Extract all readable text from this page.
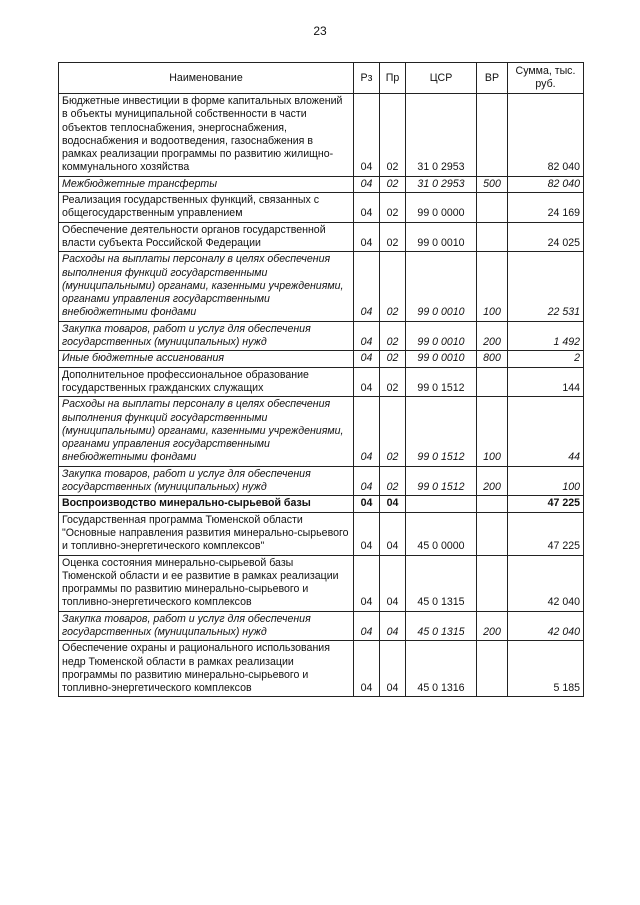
23
Наименование	Рз	Пр	ЦСР	ВР	Сумма, тыс. руб.
Бюджетные инвестиции в форме капитальных вложений в объекты муниципальной собственности в части объектов теплоснабжения, энергоснабжения, водоснабжения и водоотведения, газоснабжения в рамках реализации программы по развитию жилищно-коммунального хозяйства	04	02	31 0 2953		82 040
Межбюджетные трансферты	04	02	31 0 2953	500	82 040
Реализация государственных функций, связанных с общегосударственным управлением	04	02	99 0 0000		24 169
Обеспечение деятельности органов государственной власти субъекта Российской Федерации	04	02	99 0 0010		24 025
Расходы на выплаты персоналу в целях обеспечения выполнения функций государственными (муниципальными) органами, казенными учреждениями, органами управления государственными внебюджетными фондами	04	02	99 0 0010	100	22 531
Закупка товаров, работ и услуг для обеспечения государственных (муниципальных) нужд	04	02	99 0 0010	200	1 492
Иные бюджетные ассигнования	04	02	99 0 0010	800	2
Дополнительное профессиональное образование государственных гражданских служащих	04	02	99 0 1512		144
Расходы на выплаты персоналу в целях обеспечения выполнения функций государственными (муниципальными) органами, казенными учреждениями, органами управления государственными внебюджетными фондами	04	02	99 0 1512	100	44
Закупка товаров, работ и услуг для обеспечения государственных (муниципальных) нужд	04	02	99 0 1512	200	100
Воспроизводство минерально-сырьевой базы	04	04			47 225
Государственная программа Тюменской области "Основные направления развития минерально-сырьевого и топливно-энергетического комплексов"	04	04	45 0 0000		47 225
Оценка состояния минерально-сырьевой базы Тюменской области и ее развитие в рамках реализации программы по развитию минерально-сырьевого и топливно-энергетического комплексов	04	04	45 0 1315		42 040
Закупка товаров, работ и услуг для обеспечения государственных (муниципальных) нужд	04	04	45 0 1315	200	42 040
Обеспечение охраны и рационального использования недр Тюменской области в рамках реализации программы по развитию минерально-сырьевого и топливно-энергетического комплексов	04	04	45 0 1316		5 185
